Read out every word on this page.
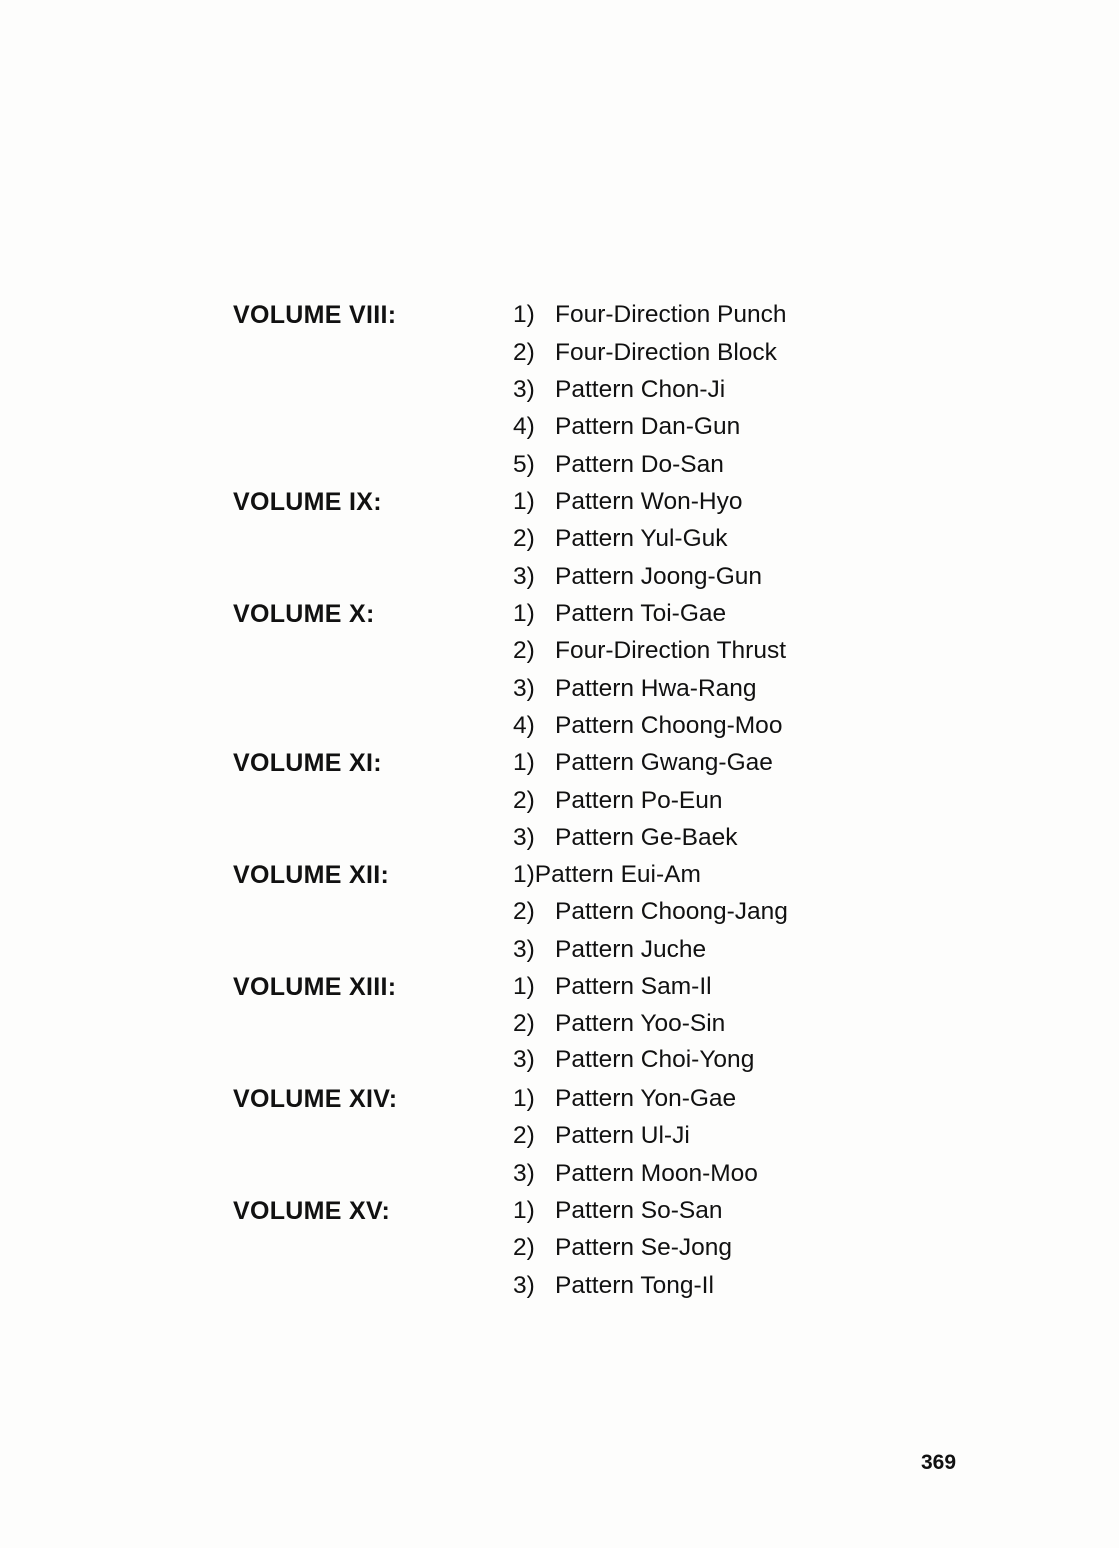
VOLUME VIII:	1) Four-Direction Punch
2) Four-Direction Block
3) Pattern Chon-Ji
4) Pattern Dan-Gun
5) Pattern Do-San
VOLUME IX:	1) Pattern Won-Hyo
2) Pattern Yul-Guk
3) Pattern Joong-Gun
VOLUME X:	1) Pattern Toi-Gae
2) Four-Direction Thrust
3) Pattern Hwa-Rang
4) Pattern Choong-Moo
VOLUME XI:	1) Pattern Gwang-Gae
2) Pattern Po-Eun
3) Pattern Ge-Baek
VOLUME XII:	1)Pattern Eui-Am
2) Pattern Choong-Jang
3) Pattern Juche
VOLUME XIII:	1) Pattern Sam-Il
2) Pattern Yoo-Sin
3) Pattern Choi-Yong
VOLUME XIV:	1) Pattern Yon-Gae
2) Pattern Ul-Ji
3) Pattern Moon-Moo
VOLUME XV:	1) Pattern So-San
2) Pattern Se-Jong
3) Pattern Tong-Il
369
